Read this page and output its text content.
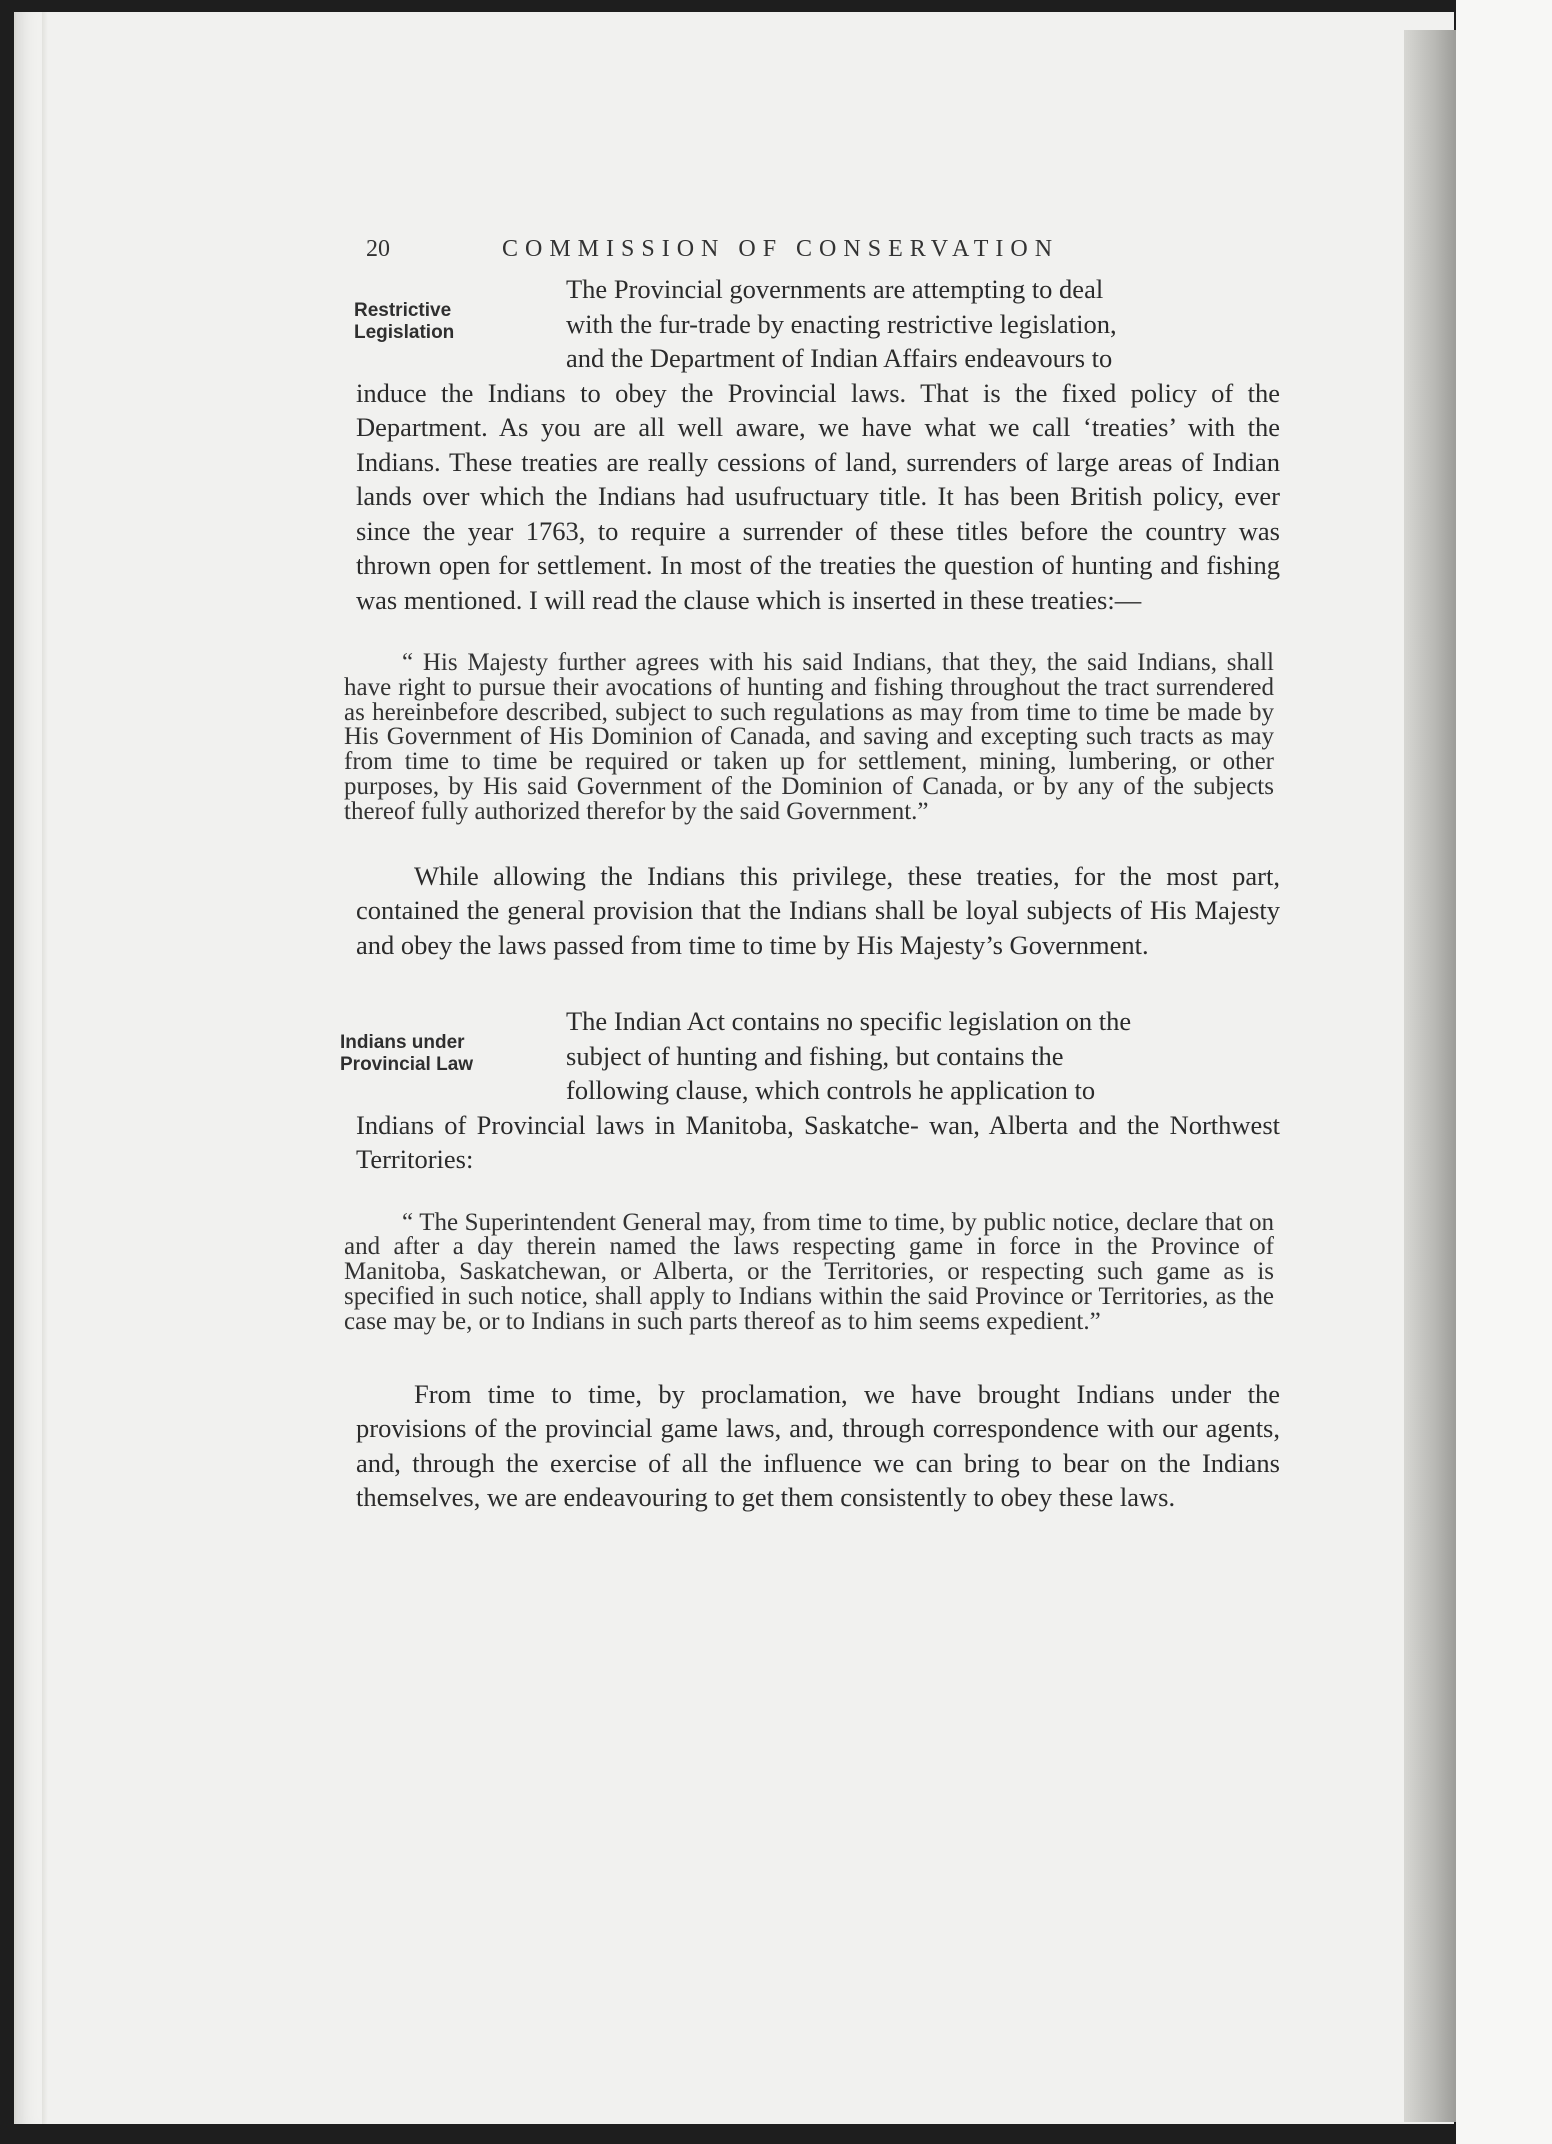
20	COMMISSION OF CONSERVATION
Restrictive Legislation

The Provincial governments are attempting to deal

with the fur-trade by enacting restrictive legislation,

and the Department of Indian Affairs endeavours to

induce the Indians to obey the Provincial laws. That is the fixed policy of the Department. As you are all well aware, we have what we call ‘treaties’ with the Indians. These treaties are really cessions of land, surrenders of large areas of Indian lands over which the Indians had usufructuary title. It has been British policy, ever since the year 1763, to require a surrender of these titles before the country was thrown open for settlement. In most of the treaties the question of hunting and fishing was mentioned. I will read the clause which is inserted in these treaties:—

“ His Majesty further agrees with his said Indians, that they, the said Indians, shall have right to pursue their avocations of hunting and fishing throughout the tract surrendered as hereinbefore described, subject to such regulations as may from time to time be made by His Government of His Dominion of Canada, and saving and excepting such tracts as may from time to time be required or taken up for settlement, mining, lumbering, or other purposes, by His said Government of the Dominion of Canada, or by any of the subjects thereof fully authorized therefor by the said Government.”

While allowing the Indians this privilege, these treaties, for the most part, contained the general provision that the Indians shall be loyal subjects of His Majesty and obey the laws passed from time to time by His Majesty’s Government.

Indians under Provincial Law

The Indian Act contains no specific legislation on the

subject of hunting and fishing, but contains the

following clause, which controls he application to

Indians of Provincial laws in Manitoba, Saskatche- wan, Alberta and the Northwest Territories:

“ The Superintendent General may, from time to time, by public notice, declare that on and after a day therein named the laws respecting game in force in the Province of Manitoba, Saskatchewan, or Alberta, or the Territories, or respecting such game as is specified in such notice, shall apply to Indians within the said Province or Territories, as the case may be, or to Indians in such parts thereof as to him seems expedient.”

From time to time, by proclamation, we have brought Indians under the provisions of the provincial game laws, and, through correspondence with our agents, and, through the exercise of all the influence we can bring to bear on the Indians themselves, we are endeavouring to get them consistently to obey these laws.
